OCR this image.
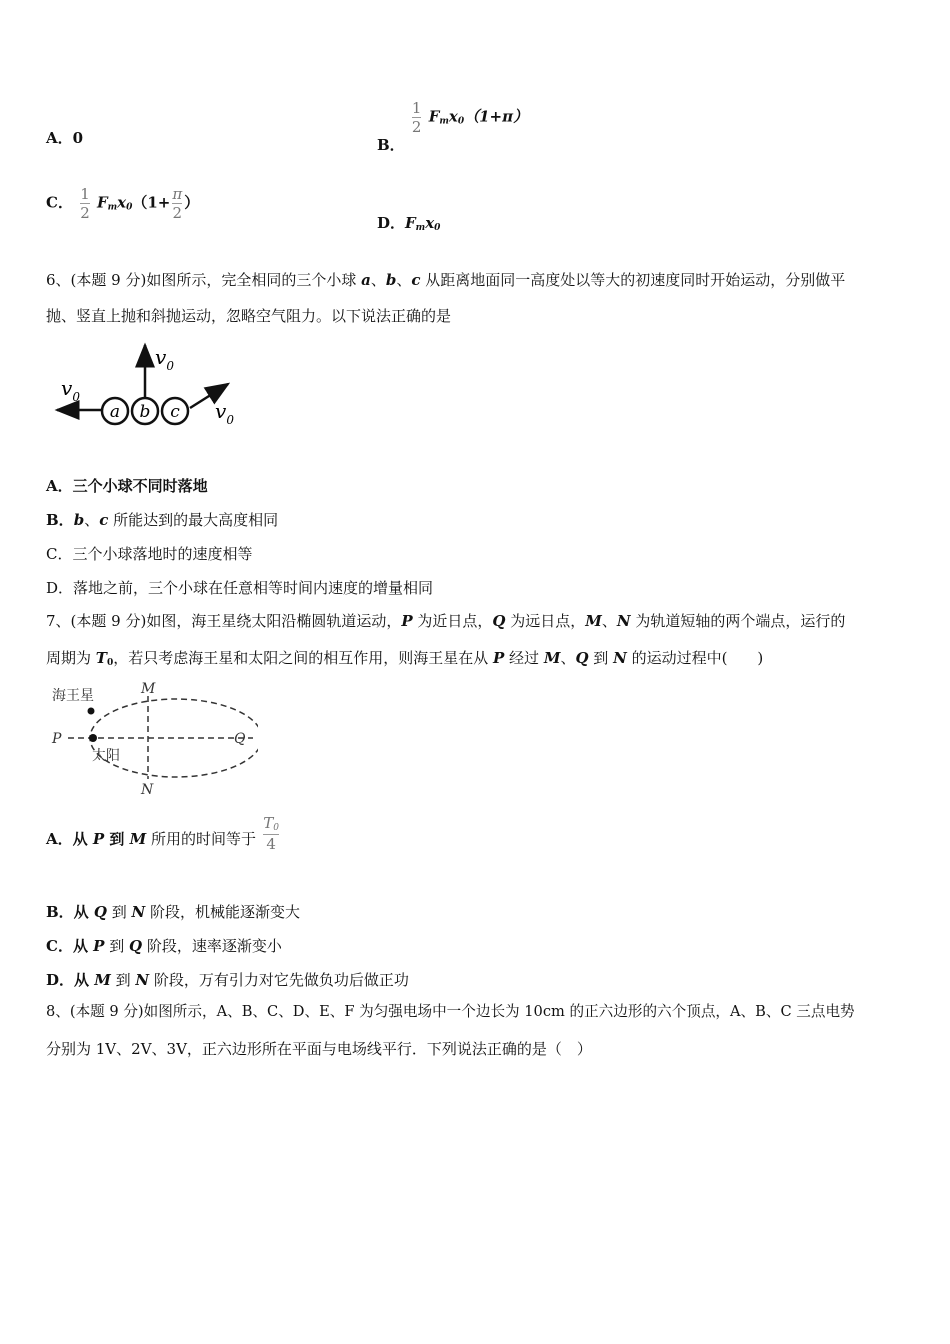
A．0	B．
$\frac{1}{2} F_mx_0(1+\pi)$
C． $\frac{1}{2} F_mx_0(1+ \frac{\pi}{2}$ ）
D．$F_mx_0$
6、(本题 9 分)如图所示，完全相同的三个小球 a、b、c 从距离地面同一高度处以等大的初速度同时开始运动，分别做平
抛、竖直上抛和斜抛运动，忽略空气阻力。以下说法正确的是
$v_0$
$v_0$
$v_0$
a b c
A．三个小球不同时落地
B．b、c 所能达到的最大高度相同
C．三个小球落地时的速度相等
D．落地之前，三个小球在任意相等时间内速度的增量相同
7、(本题 9 分)如图，海王星绕太阳沿椭圆轨道运动，P 为近日点，Q 为远日点，M、N 为轨道短轴的两个端点，运行的
周期为 $T_0$，若只考虑海王星和太阳之间的相互作用，则海王星在从 P 经过 M、Q 到 N 的运动过程中(　　)
海王星
太阳
M
N
P	Q
A．从 P 到 M 所用的时间等于 $\frac{T_0}{4}$
B．从 Q 到 N 阶段，机械能逐渐变大
C．从 P 到 Q 阶段，速率逐渐变小
D．从 M 到 N 阶段，万有引力对它先做负功后做正功
8、(本题 9 分)如图所示，A、B、C、D、E、F 为匀强电场中一个边长为 10cm 的正六边形的六个顶点，A、B、C 三点电势
分别为 1V、2V、3V，正六边形所在平面与电场线平行．下列说法正确的是（　）
